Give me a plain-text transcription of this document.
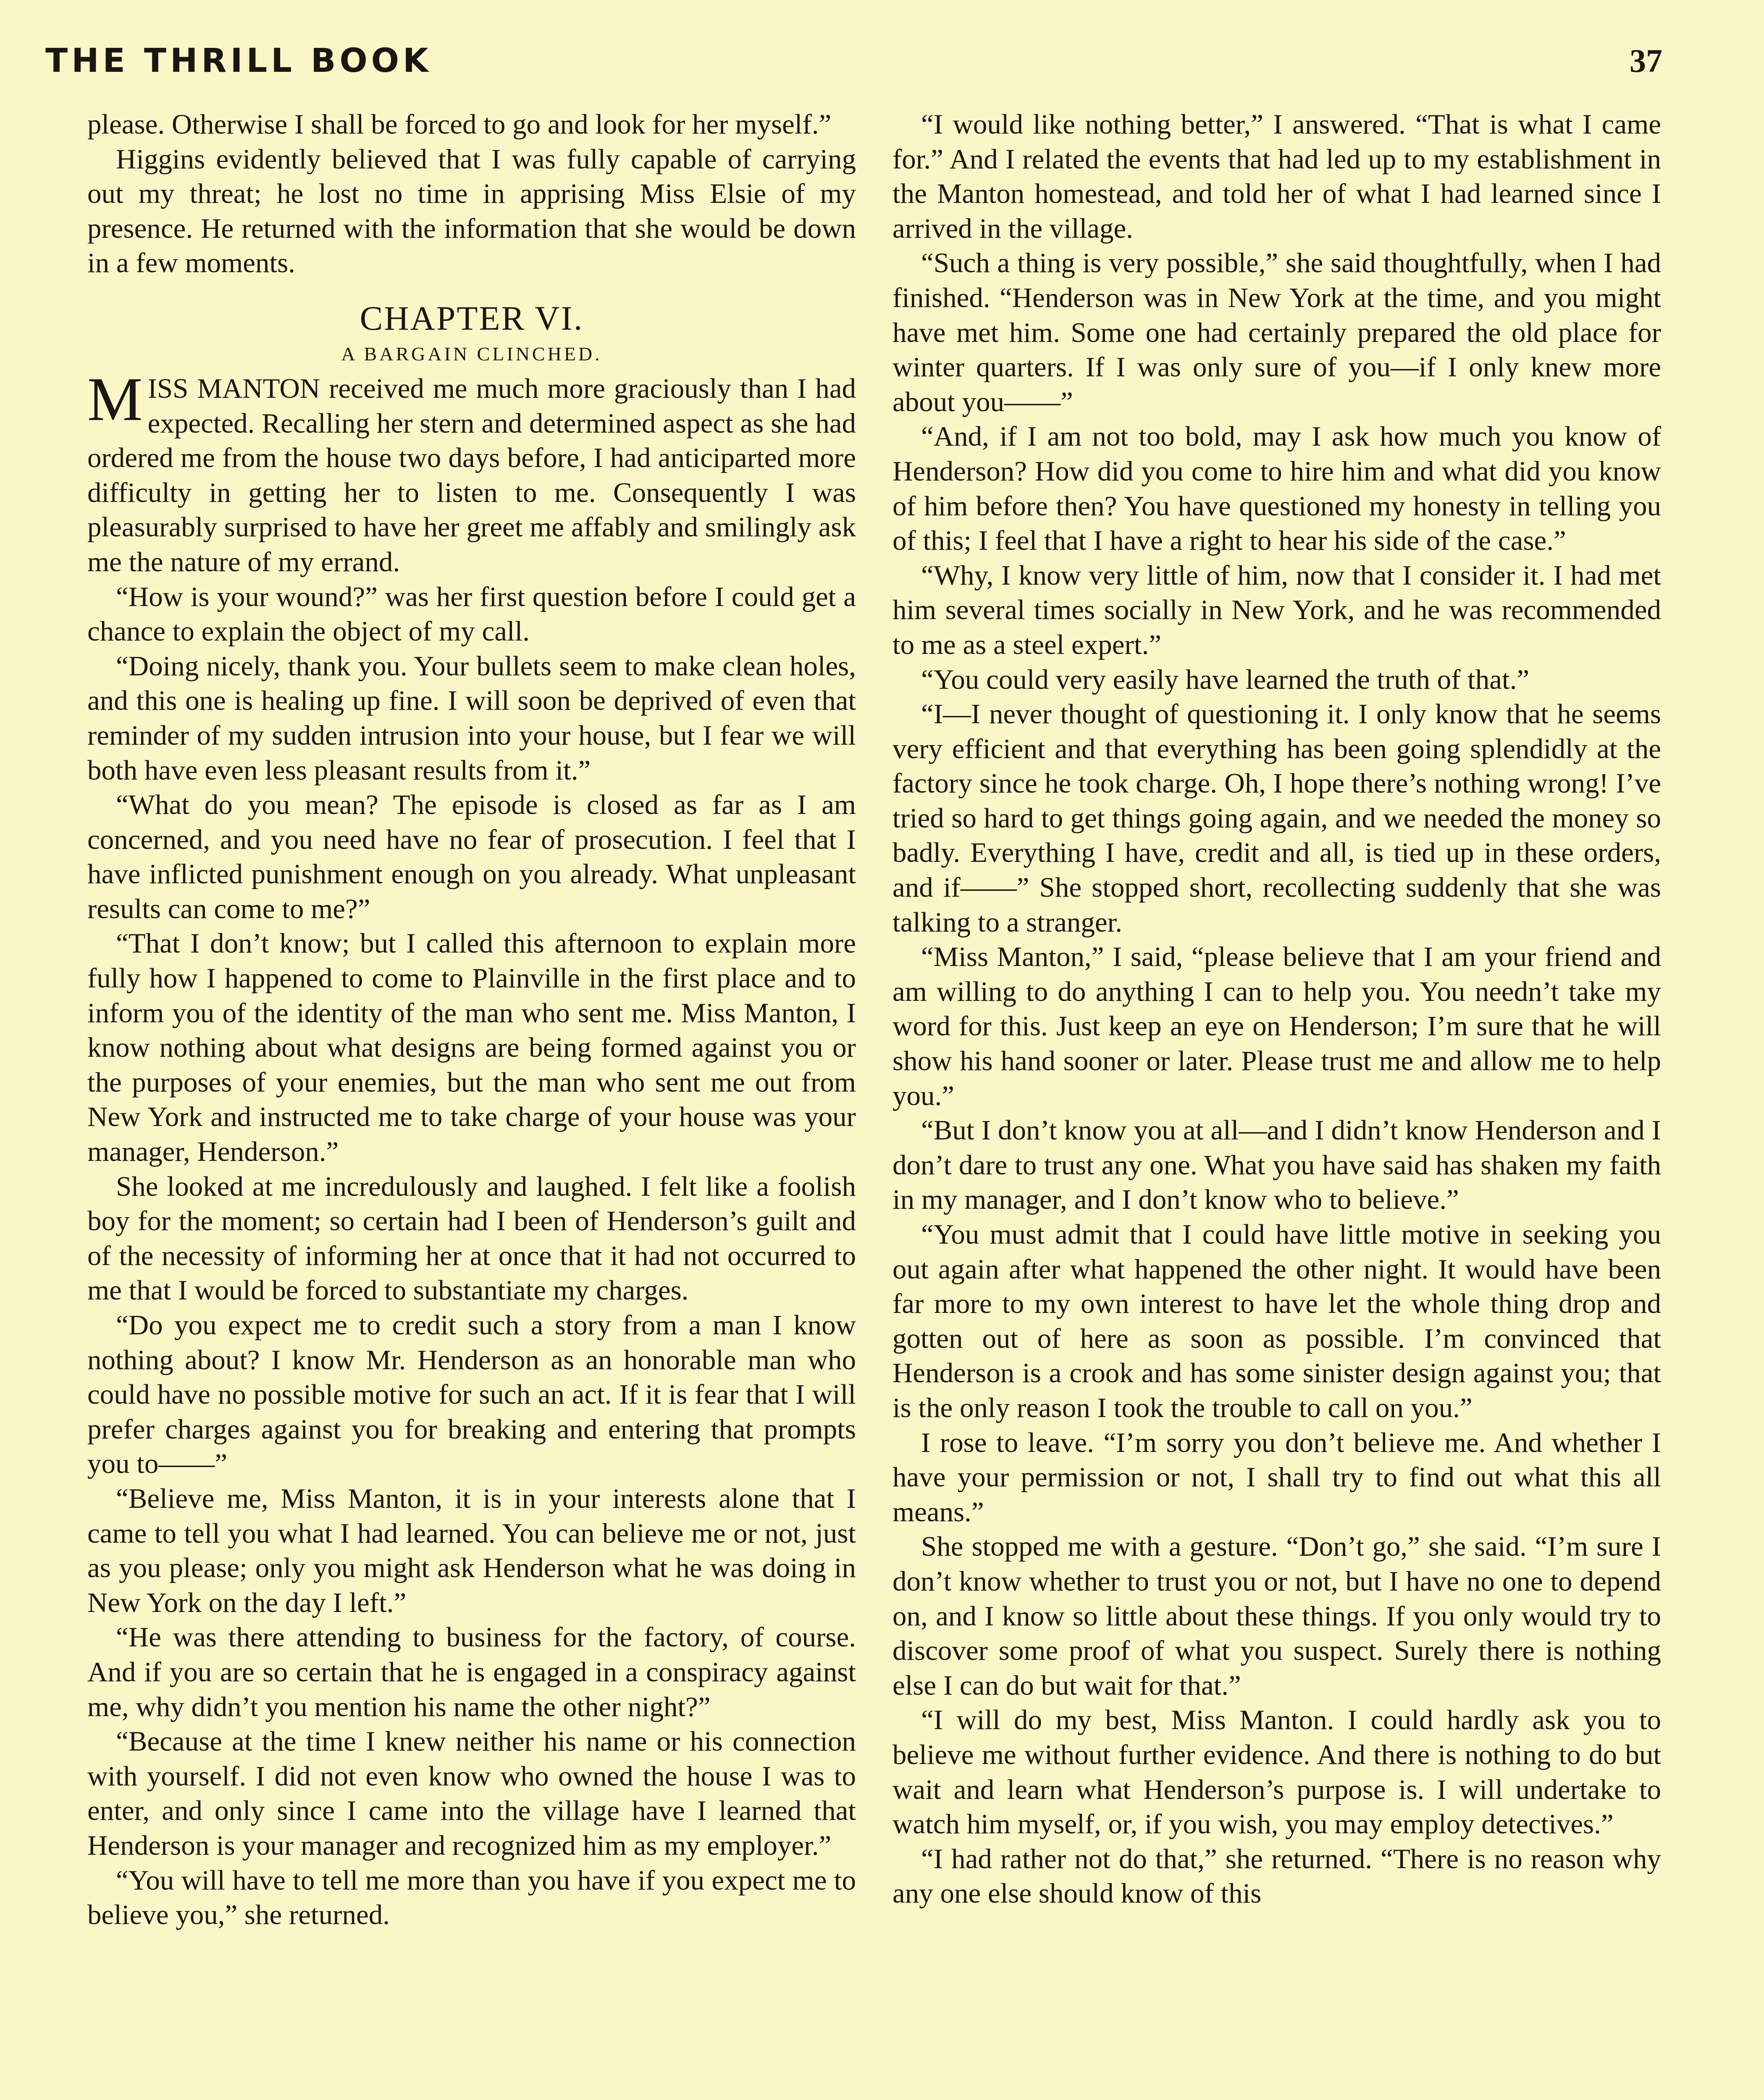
THE THRILL BOOK	37

please. Otherwise I shall be forced to go and look for her myself.”

Higgins evidently believed that I was fully capable of carrying out my threat; he lost no time in apprising Miss Elsie of my presence. He returned with the information that she would be down in a few moments.

CHAPTER VI.
A BARGAIN CLINCHED.

MISS MANTON received me much more graciously than I had expected. Recalling her stern and determined aspect as she had ordered me from the house two days before, I had anticiparted more difficulty in getting her to listen to me. Consequently I was pleasurably surprised to have her greet me affably and smilingly ask me the nature of my errand.

“How is your wound?” was her first question before I could get a chance to explain the object of my call.

“Doing nicely, thank you. Your bullets seem to make clean holes, and this one is healing up fine. I will soon be deprived of even that reminder of my sudden intrusion into your house, but I fear we will both have even less pleasant results from it.”

“What do you mean? The episode is closed as far as I am concerned, and you need have no fear of prosecution. I feel that I have inflicted punishment enough on you already. What unpleasant results can come to me?”

“That I don’t know; but I called this afternoon to explain more fully how I happened to come to Plainville in the first place and to inform you of the identity of the man who sent me. Miss Manton, I know nothing about what designs are being formed against you or the purposes of your enemies, but the man who sent me out from New York and instructed me to take charge of your house was your manager, Henderson.”

She looked at me incredulously and laughed. I felt like a foolish boy for the moment; so certain had I been of Henderson’s guilt and of the necessity of informing her at once that it had not occurred to me that I would be forced to substantiate my charges.

“Do you expect me to credit such a story from a man I know nothing about? I know Mr. Henderson as an honorable man who could have no possible motive for such an act. If it is fear that I will prefer charges against you for breaking and entering that prompts you to——”

“Believe me, Miss Manton, it is in your interests alone that I came to tell you what I had learned. You can believe me or not, just as you please; only you might ask Henderson what he was doing in New York on the day I left.”

“He was there attending to business for the factory, of course. And if you are so certain that he is engaged in a conspiracy against me, why didn’t you mention his name the other night?”

“Because at the time I knew neither his name or his connection with yourself. I did not even know who owned the house I was to enter, and only since I came into the village have I learned that Henderson is your manager and recognized him as my employer.”

“You will have to tell me more than you have if you expect me to believe you,” she returned.

“I would like nothing better,” I answered. “That is what I came for.” And I related the events that had led up to my establishment in the Manton homestead, and told her of what I had learned since I arrived in the village.

“Such a thing is very possible,” she said thoughtfully, when I had finished. “Henderson was in New York at the time, and you might have met him. Some one had certainly prepared the old place for winter quarters. If I was only sure of you—if I only knew more about you——”

“And, if I am not too bold, may I ask how much you know of Henderson? How did you come to hire him and what did you know of him before then? You have questioned my honesty in telling you of this; I feel that I have a right to hear his side of the case.”

“Why, I know very little of him, now that I consider it. I had met him several times socially in New York, and he was recommended to me as a steel expert.”

“You could very easily have learned the truth of that.”

“I—I never thought of questioning it. I only know that he seems very efficient and that everything has been going splendidly at the factory since he took charge. Oh, I hope there’s nothing wrong! I’ve tried so hard to get things going again, and we needed the money so badly. Everything I have, credit and all, is tied up in these orders, and if——” She stopped short, recollecting suddenly that she was talking to a stranger.

“Miss Manton,” I said, “please believe that I am your friend and am willing to do anything I can to help you. You needn’t take my word for this. Just keep an eye on Henderson; I’m sure that he will show his hand sooner or later. Please trust me and allow me to help you.”

“But I don’t know you at all—and I didn’t know Henderson and I don’t dare to trust any one. What you have said has shaken my faith in my manager, and I don’t know who to believe.”

“You must admit that I could have little motive in seeking you out again after what happened the other night. It would have been far more to my own interest to have let the whole thing drop and gotten out of here as soon as possible. I’m convinced that Henderson is a crook and has some sinister design against you; that is the only reason I took the trouble to call on you.”

I rose to leave. “I’m sorry you don’t believe me. And whether I have your permission or not, I shall try to find out what this all means.”

She stopped me with a gesture. “Don’t go,” she said. “I’m sure I don’t know whether to trust you or not, but I have no one to depend on, and I know so little about these things. If you only would try to discover some proof of what you suspect. Surely there is nothing else I can do but wait for that.”

“I will do my best, Miss Manton. I could hardly ask you to believe me without further evidence. And there is nothing to do but wait and learn what Henderson’s purpose is. I will undertake to watch him myself, or, if you wish, you may employ detectives.”

“I had rather not do that,” she returned. “There is no reason why any one else should know of this
